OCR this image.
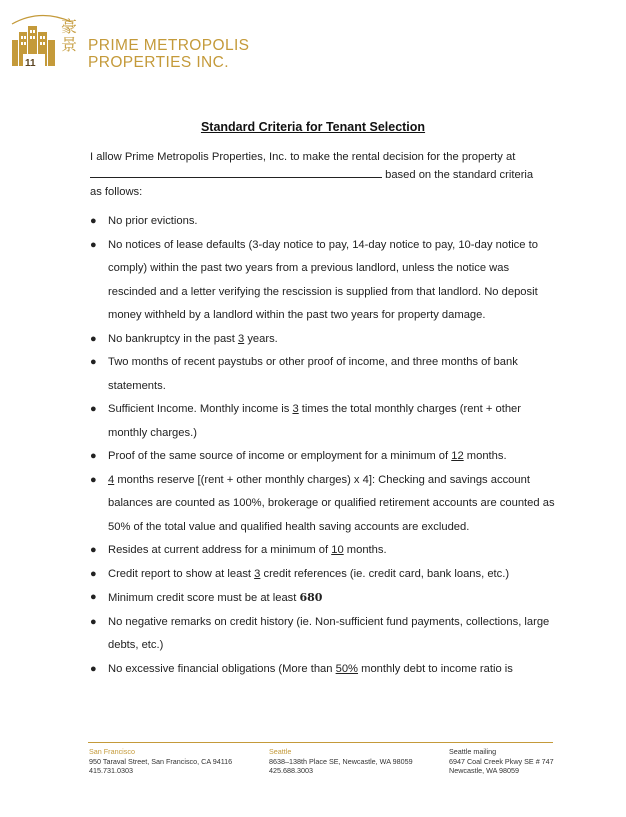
11
豪
景 PRIME METROPOLIS
PROPERTIES INC.
Standard Criteria for Tenant Selection
I allow Prime Metropolis Properties, Inc. to make the rental decision for the property at
based on the standard criteria
as follows:
● No prior evictions.
● No notices of lease defaults (3-day notice to pay, 14-day notice to pay, 10-day notice to comply) within the past two years from a previous landlord, unless the notice was rescinded and a letter verifying the rescission is supplied from that landlord. No deposit money withheld by a landlord within the past two years for property damage.
● No bankruptcy in the past 3 years.
● Two months of recent paystubs or other proof of income, and three months of bank statements.
● Sufficient Income. Monthly income is 3 times the total monthly charges (rent + other monthly charges.)
● Proof of the same source of income or employment for a minimum of 12 months.
● 4 months reserve [(rent + other monthly charges) x 4]: Checking and savings account balances are counted as 100%, brokerage or qualified retirement accounts are counted as 50% of the total value and qualified health saving accounts are excluded.
● Resides at current address for a minimum of 10 months.
● Credit report to show at least 3 credit references (ie. credit card, bank loans, etc.)
● Minimum credit score must be at least 680
● No negative remarks on credit history (ie. Non-sufficient fund payments, collections, large debts, etc.)
● No excessive financial obligations (More than 50% monthly debt to income ratio is
San Francisco
950 Taraval Street, San Francisco, CA 94116
415.731.0303
Seattle
8638–138th Place SE, Newcastle, WA 98059
425.688.3003
Seattle mailing
6947 Coal Creek Pkwy SE # 747
Newcastle, WA 98059
